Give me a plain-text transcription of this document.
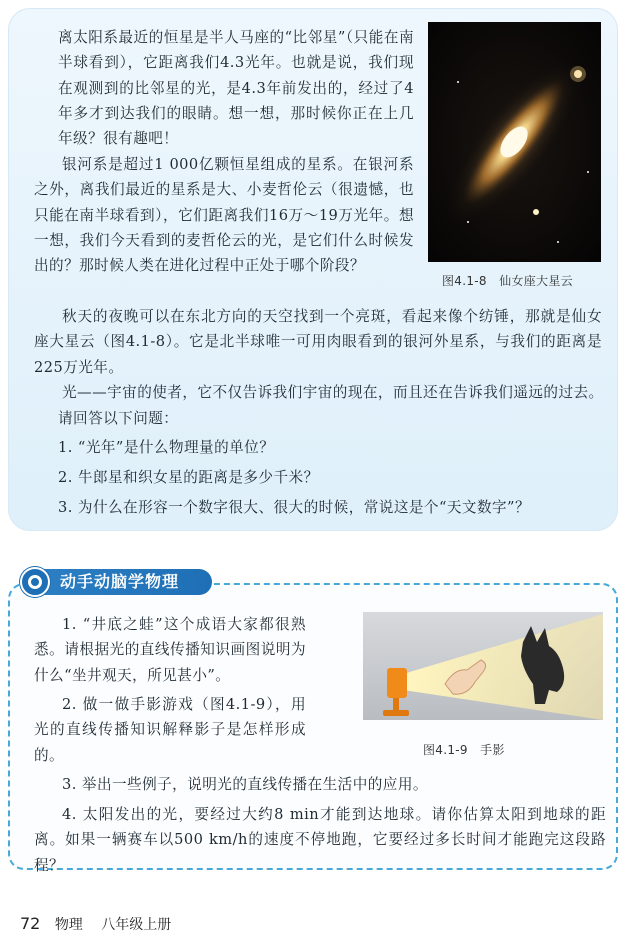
离太阳系最近的恒星是半人马座的“比邻星”（只能在南半球看到），它距离我们4.3光年。也就是说，我们现在观测到的比邻星的光，是4.3年前发出的，经过了4年多才到达我们的眼睛。想一想，那时候你正在上几年级？很有趣吧！

银河系是超过1 000亿颗恒星组成的星系。在银河系之外，离我们最近的星系是大、小麦哲伦云（很遗憾，也只能在南半球看到），它们距离我们16万～19万光年。想一想，我们今天看到的麦哲伦云的光，是它们什么时候发出的？那时候人类在进化过程中正处于哪个阶段？

图4.1-8　仙女座大星云

秋天的夜晚可以在东北方向的天空找到一个亮斑，看起来像个纺锤，那就是仙女座大星云（图4.1-8）。它是北半球唯一可用肉眼看到的银河外星系，与我们的距离是225万光年。

光——宇宙的使者，它不仅告诉我们宇宙的现在，而且还在告诉我们遥远的过去。

请回答以下问题：

1. “光年”是什么物理量的单位？
2. 牛郎星和织女星的距离是多少千米？
3. 为什么在形容一个数字很大、很大的时候，常说这是个“天文数字”？
动手动脑学物理

1. “井底之蛙”这个成语大家都很熟悉。请根据光的直线传播知识画图说明为什么“坐井观天，所见甚小”。

2. 做一做手影游戏（图4.1-9），用光的直线传播知识解释影子是怎样形成的。	图4.1-9　手影

3. 举出一些例子，说明光的直线传播在生活中的应用。

4. 太阳发出的光，要经过大约8 min才能到达地球。请你估算太阳到地球的距离。如果一辆赛车以500 km/h的速度不停地跑，它要经过多长时间才能跑完这段路程？

72 物理 八年级上册
